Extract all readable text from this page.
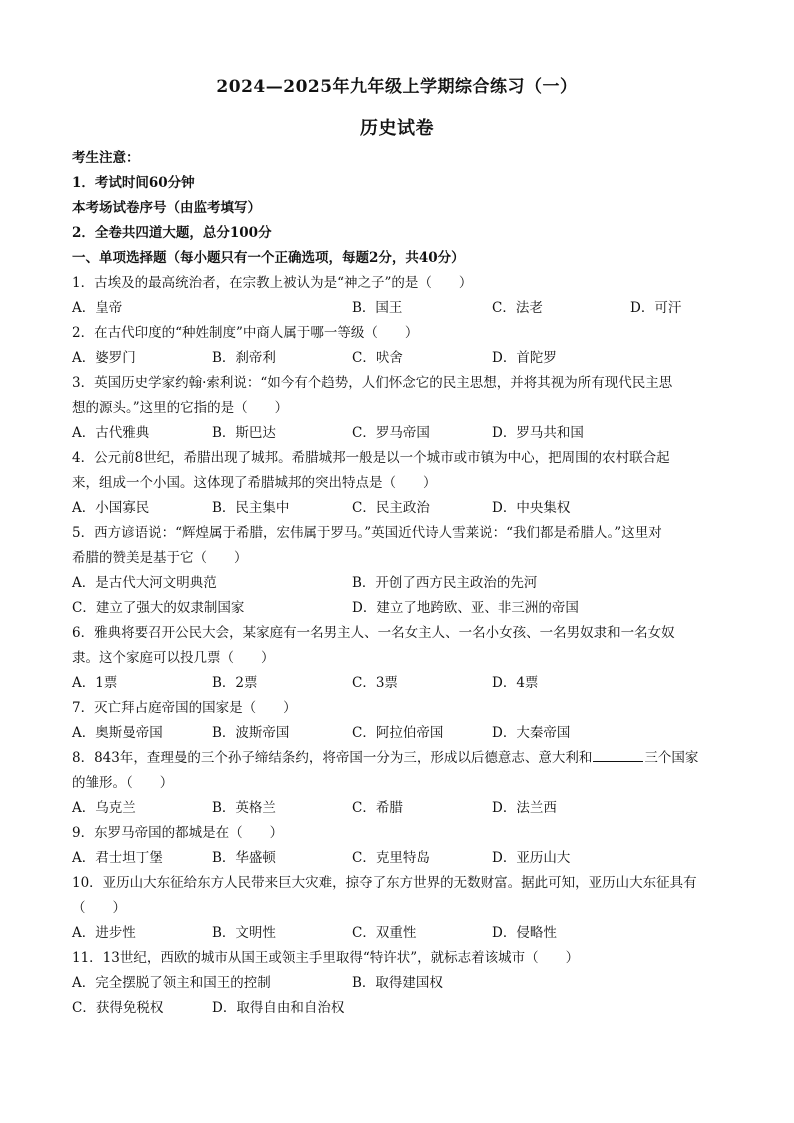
2024—2025年九年级上学期综合练习（一）
历史试卷
考生注意：
1．考试时间60分钟
本考场试卷序号（由监考填写）
2．全卷共四道大题，总分100分
一、单项选择题（每小题只有一个正确选项，每题2分，共40分）
1．古埃及的最高统治者，在宗教上被认为是“神之子”的是（　　）
A．皇帝	B．国王	C．法老	D．可汗
2．在古代印度的“种姓制度”中商人属于哪一等级（　　）
A．婆罗门	B．刹帝利	C．吠舍	D．首陀罗
3．英国历史学家约翰·索利说：“如今有个趋势，人们怀念它的民主思想，并将其视为所有现代民主思
想的源头。”这里的它指的是（　　）
A．古代雅典	B．斯巴达	C．罗马帝国	D．罗马共和国
4．公元前8世纪，希腊出现了城邦。希腊城邦一般是以一个城市或市镇为中心，把周围的农村联合起
来，组成一个小国。这体现了希腊城邦的突出特点是（　　）
A．小国寡民	B．民主集中	C．民主政治	D．中央集权
5．西方谚语说：“辉煌属于希腊，宏伟属于罗马。”英国近代诗人雪莱说：“我们都是希腊人。”这里对
希腊的赞美是基于它（　　）
A．是古代大河文明典范	B．开创了西方民主政治的先河
C．建立了强大的奴隶制国家	D．建立了地跨欧、亚、非三洲的帝国
6．雅典将要召开公民大会，某家庭有一名男主人、一名女主人、一名小女孩、一名男奴隶和一名女奴
隶。这个家庭可以投几票（　　）
A．1票	B．2票	C．3票	D．4票
7．灭亡拜占庭帝国的国家是（　　）
A．奥斯曼帝国	B．波斯帝国	C．阿拉伯帝国	D．大秦帝国
8．843年，查理曼的三个孙子缔结条约，将帝国一分为三，形成以后德意志、意大利和	三个国家
的雏形。（　　）
A．乌克兰	B．英格兰	C．希腊	D．法兰西
9．东罗马帝国的都城是在（　　）
A．君士坦丁堡	B．华盛顿	C．克里特岛	D．亚历山大
10．亚历山大东征给东方人民带来巨大灾难，掠夺了东方世界的无数财富。据此可知，亚历山大东征具有
（　　）
A．进步性	B．文明性	C．双重性	D．侵略性
11．13世纪，西欧的城市从国王或领主手里取得“特许状”，就标志着该城市（　　）
A．完全摆脱了领主和国王的控制	B．取得建国权
C．获得免税权	D．取得自由和自治权
